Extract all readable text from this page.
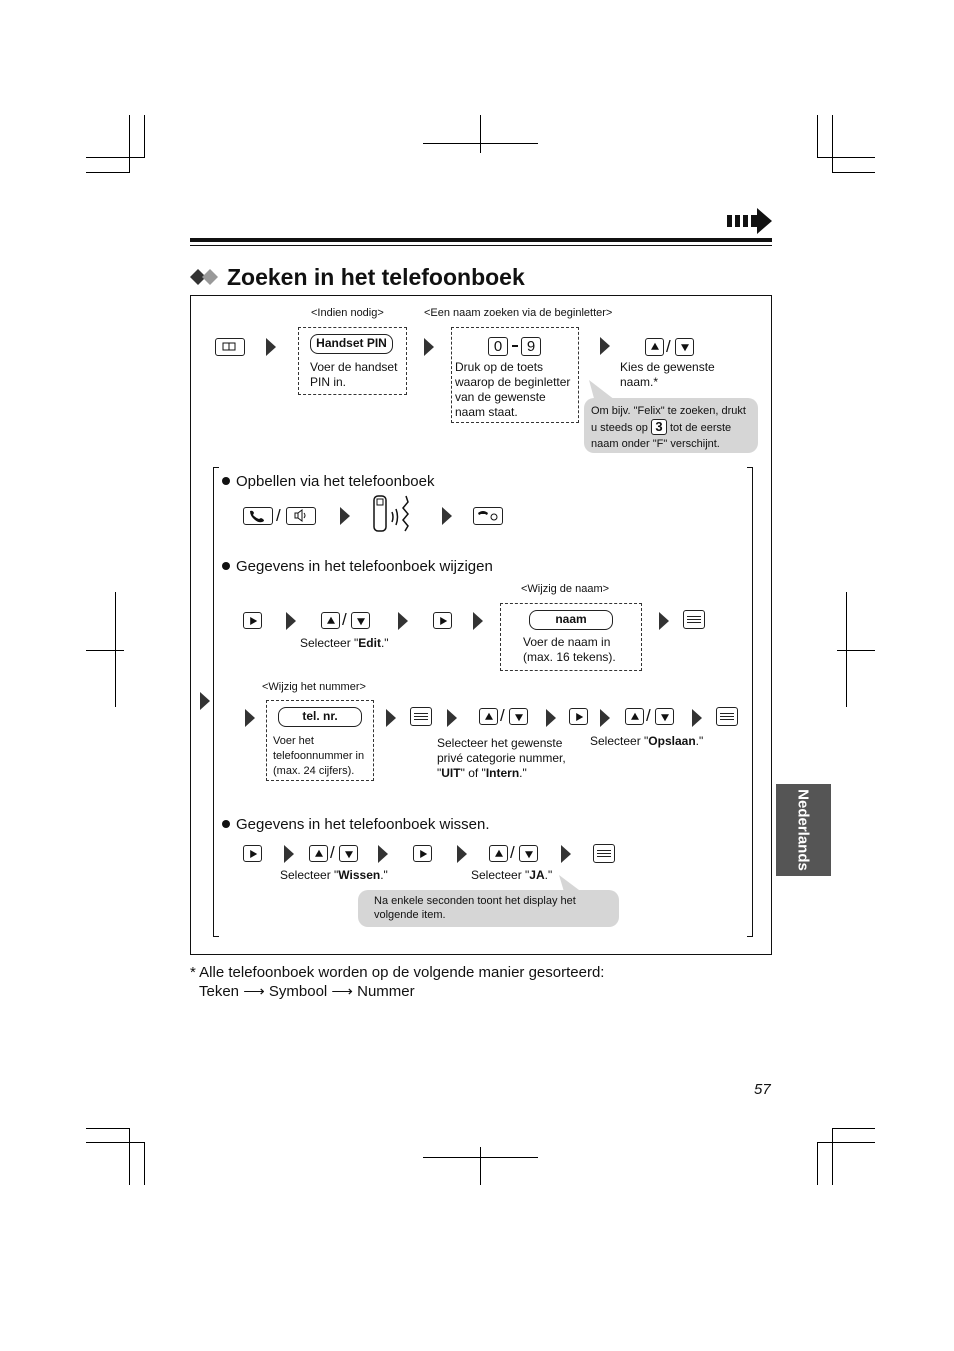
Zoeken in het telefoonboek
<Indien nodig>	<Een naam zoeken via de beginletter>
Handset PIN
Voer de handset PIN in.
0	9
Druk op de toets waarop de beginletter van de gewenste naam staat.
/
Kies de gewenste naam.*
Om bijv. "Felix" te zoeken, drukt u steeds op 3 tot de eerste naam onder "F" verschijnt.
Opbellen via het telefoonboek
/
Gegevens in het telefoonboek wijzigen
<Wijzig de naam>
/
Selecteer "Edit."
naam
Voer de naam in (max. 16 tekens).
<Wijzig het nummer>
tel. nr.
Voer het telefoonnummer in (max. 24 cijfers).
/
Selecteer het gewenste privé categorie nummer, "UIT" of "Intern."
/
Selecteer "Opslaan."
Gegevens in het telefoonboek wissen.
/
Selecteer "Wissen."
/
Selecteer "JA."
Na enkele seconden toont het display het volgende item.
* Alle telefoonboek worden op de volgende manier gesorteerd:
Teken ⟶ Symbool ⟶ Nummer
Nederlands
57
